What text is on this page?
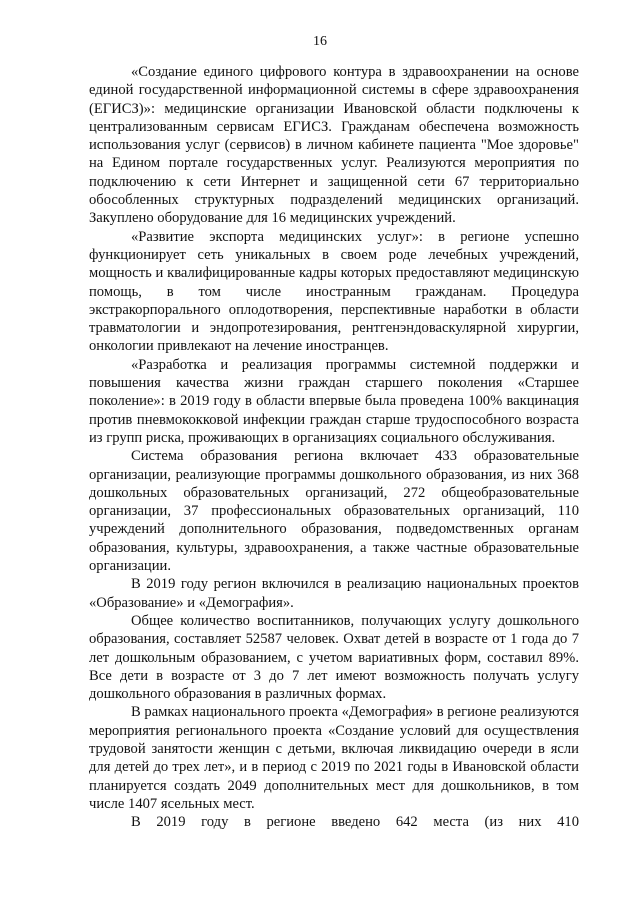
16

«Создание единого цифрового контура в здравоохранении на основе единой государственной информационной системы в сфере здравоохранения (ЕГИСЗ)»: медицинские организации Ивановской области подключены к централизованным сервисам ЕГИСЗ. Гражданам обеспечена возможность использования услуг (сервисов) в личном кабинете пациента "Мое здоровье" на Едином портале государственных услуг. Реализуются мероприятия по подключению к сети Интернет и защищенной сети 67 территориально обособленных структурных подразделений медицинских организаций. Закуплено оборудование для 16 медицинских учреждений.

«Развитие экспорта медицинских услуг»: в регионе успешно функционирует сеть уникальных в своем роде лечебных учреждений, мощность и квалифицированные кадры которых предоставляют медицинскую помощь, в том числе иностранным гражданам. Процедура экстракорпорального оплодотворения, перспективные наработки в области травматологии и эндопротезирования, рентгенэндоваскулярной хирургии, онкологии привлекают на лечение иностранцев.

«Разработка и реализация программы системной поддержки и повышения качества жизни граждан старшего поколения «Старшее поколение»: в 2019 году в области впервые была проведена 100% вакцинация против пневмококковой инфекции граждан старше трудоспособного возраста из групп риска, проживающих в организациях социального обслуживания.

Система образования региона включает 433 образовательные организации, реализующие программы дошкольного образования, из них 368 дошкольных образовательных организаций, 272 общеобразовательные организации, 37 профессиональных образовательных организаций, 110 учреждений дополнительного образования, подведомственных органам образования, культуры, здравоохранения, а также частные образовательные организации.

В 2019 году регион включился в реализацию национальных проектов «Образование» и «Демография».

Общее количество воспитанников, получающих услугу дошкольного образования, составляет 52587 человек. Охват детей в возрасте от 1 года до 7 лет дошкольным образованием, с учетом вариативных форм, составил 89%. Все дети в возрасте от 3 до 7 лет имеют возможность получать услугу дошкольного образования в различных формах.

В рамках национального проекта «Демография» в регионе реализуются мероприятия регионального проекта «Создание условий для осуществления трудовой занятости женщин с детьми, включая ликвидацию очереди в ясли для детей до трех лет», и в период с 2019 по 2021 годы в Ивановской области планируется создать 2049 дополнительных мест для дошкольников, в том числе 1407 ясельных мест.

В 2019 году в регионе введено 642 места (из них 410
